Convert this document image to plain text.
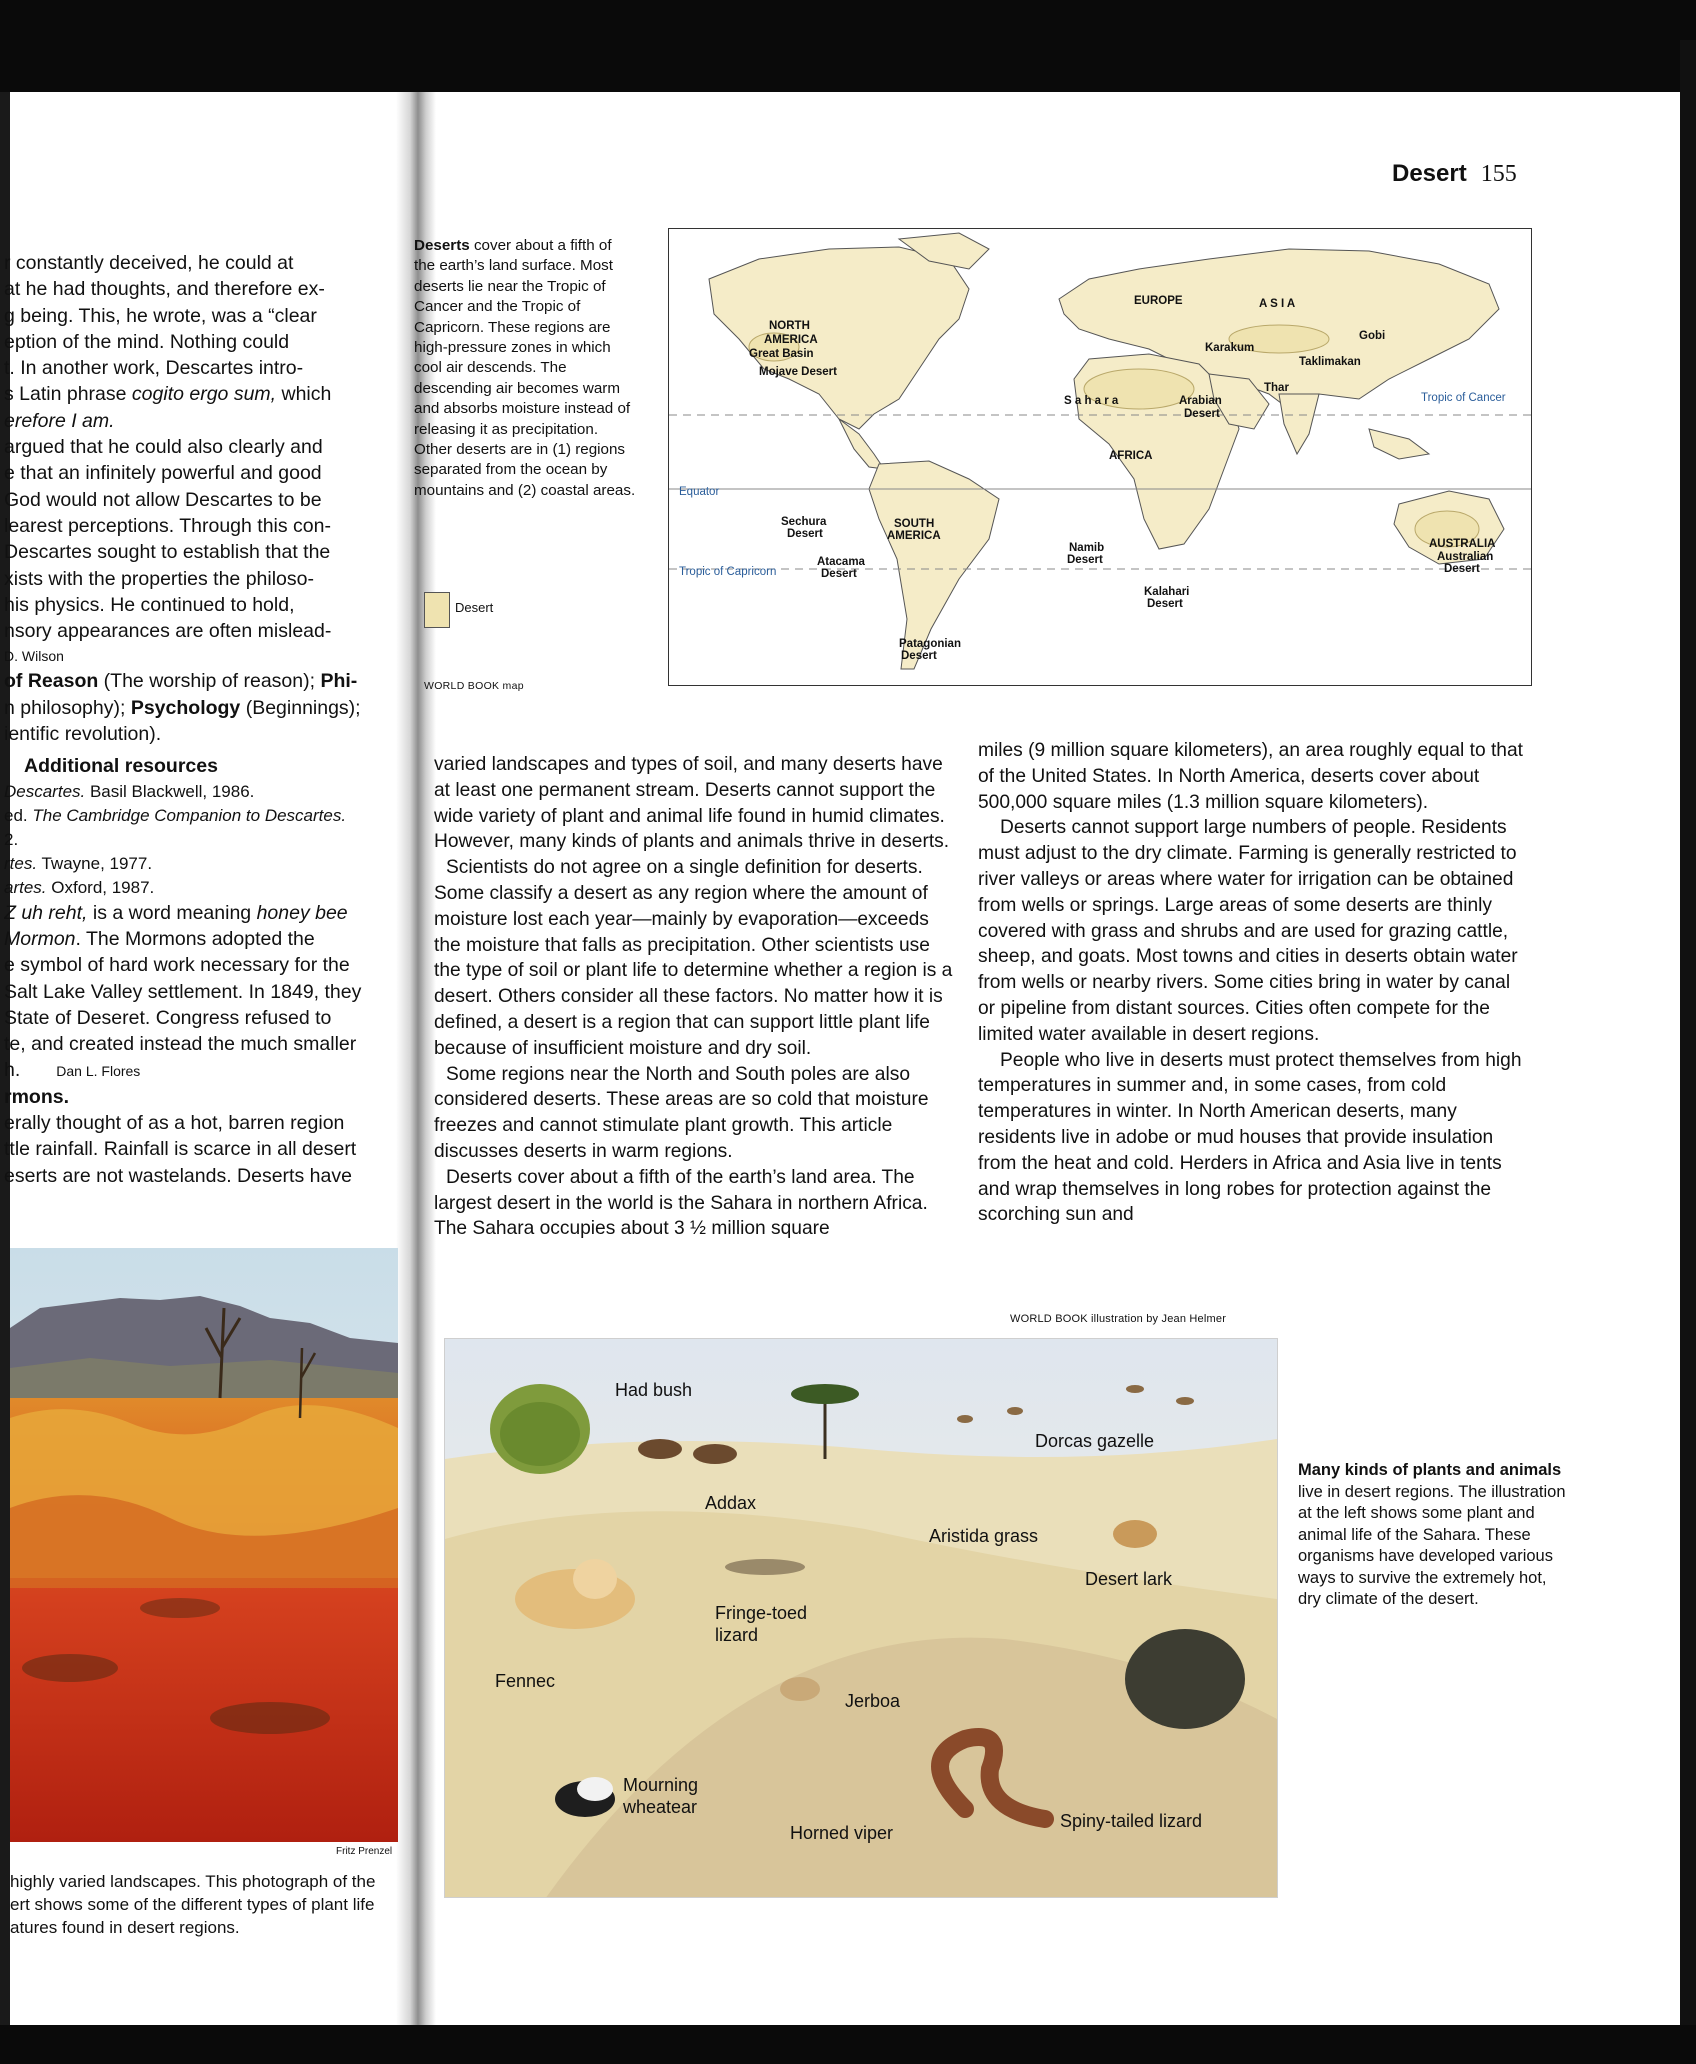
r constantly deceived, he could at
at he had thoughts, and therefore ex-
g being. This, he wrote, was a “clear
eption of the mind. Nothing could
t. In another work, Descartes intro-
s Latin phrase cogito ergo sum, which
erefore I am.
argued that he could also clearly and
e that an infinitely powerful and good
God would not allow Descartes to be
learest perceptions. Through this con-
Descartes sought to establish that the
xists with the properties the philoso-
his physics. He continued to hold,
nsory appearances are often mislead-
D. Wilson
of Reason (The worship of reason); Phi-
n philosophy); Psychology (Beginnings);
ientific revolution).
Additional resources
Descartes. Basil Blackwell, 1986.
ed. The Cambridge Companion to Descartes.
2.
rtes. Twayne, 1977.
artes. Oxford, 1987.
Z uh reht, is a word meaning honey bee
Mormon. The Mormons adopted the
e symbol of hard work necessary for the
Salt Lake Valley settlement. In 1849, they
State of Deseret. Congress refused to
te, and created instead the much smaller
h.	Dan L. Flores
rmons.
erally thought of as a hot, barren region
ttle rainfall. Rainfall is scarce in all desert
eserts are not wastelands. Deserts have
Fritz Prenzel
highly varied landscapes. This photograph of the
ert shows some of the different types of plant life
atures found in desert regions.
Desert 155
Deserts cover about a fifth of the earth’s land surface. Most deserts lie near the Tropic of Cancer and the Tropic of Capricorn. These regions are high-pressure zones in which cool air descends. The descending air becomes warm and absorbs moisture instead of releasing it as precipitation. Other deserts are in (1) regions separated from the ocean by mountains and (2) coastal areas.
Desert
WORLD BOOK map
NORTH
AMERICA
Great Basin
Mojave Desert
EUROPE	A S I A
Gobi
Karakum
Taklimakan
Thar
S a h a r a	Arabian
Desert
AFRICA
Tropic of Cancer
Equator
Sechura
Desert
SOUTH
AMERICA
Atacama
Desert
Tropic of Capricorn
Namib
Desert
Kalahari
Desert
AUSTRALIA
Australian
Desert
Patagonian
Desert

varied landscapes and types of soil, and many deserts have at least one permanent stream. Deserts cannot support the wide variety of plant and animal life found in humid climates. However, many kinds of plants and animals thrive in deserts.

Scientists do not agree on a single definition for deserts. Some classify a desert as any region where the amount of moisture lost each year—mainly by evaporation—exceeds the moisture that falls as precipitation. Other scientists use the type of soil or plant life to determine whether a region is a desert. Others consider all these factors. No matter how it is defined, a desert is a region that can support little plant life because of insufficient moisture and dry soil.

Some regions near the North and South poles are also considered deserts. These areas are so cold that moisture freezes and cannot stimulate plant growth. This article discusses deserts in warm regions.

Deserts cover about a fifth of the earth’s land area. The largest desert in the world is the Sahara in northern Africa. The Sahara occupies about 3 ½ million square

miles (9 million square kilometers), an area roughly equal to that of the United States. In North America, deserts cover about 500,000 square miles (1.3 million square kilometers).

Deserts cannot support large numbers of people. Residents must adjust to the dry climate. Farming is generally restricted to river valleys or areas where water for irrigation can be obtained from wells or springs. Large areas of some deserts are thinly covered with grass and shrubs and are used for grazing cattle, sheep, and goats. Most towns and cities in deserts obtain water from wells or nearby rivers. Some cities bring in water by canal or pipeline from distant sources. Cities often compete for the limited water available in desert regions.

People who live in deserts must protect themselves from high temperatures in summer and, in some cases, from cold temperatures in winter. In North American deserts, many residents live in adobe or mud houses that provide insulation from the heat and cold. Herders in Africa and Asia live in tents and wrap themselves in long robes for protection against the scorching sun and

WORLD BOOK illustration by Jean Helmer
Had bush
Dorcas gazelle
Addax
Aristida grass
Desert lark
Fringe-toed
lizard
Fennec
Jerboa
Mourning
wheatear
Horned viper
Spiny-tailed lizard
Many kinds of plants and animals live in desert regions. The illustration at the left shows some plant and animal life of the Sahara. These organisms have developed various ways to survive the extremely hot, dry climate of the desert.
